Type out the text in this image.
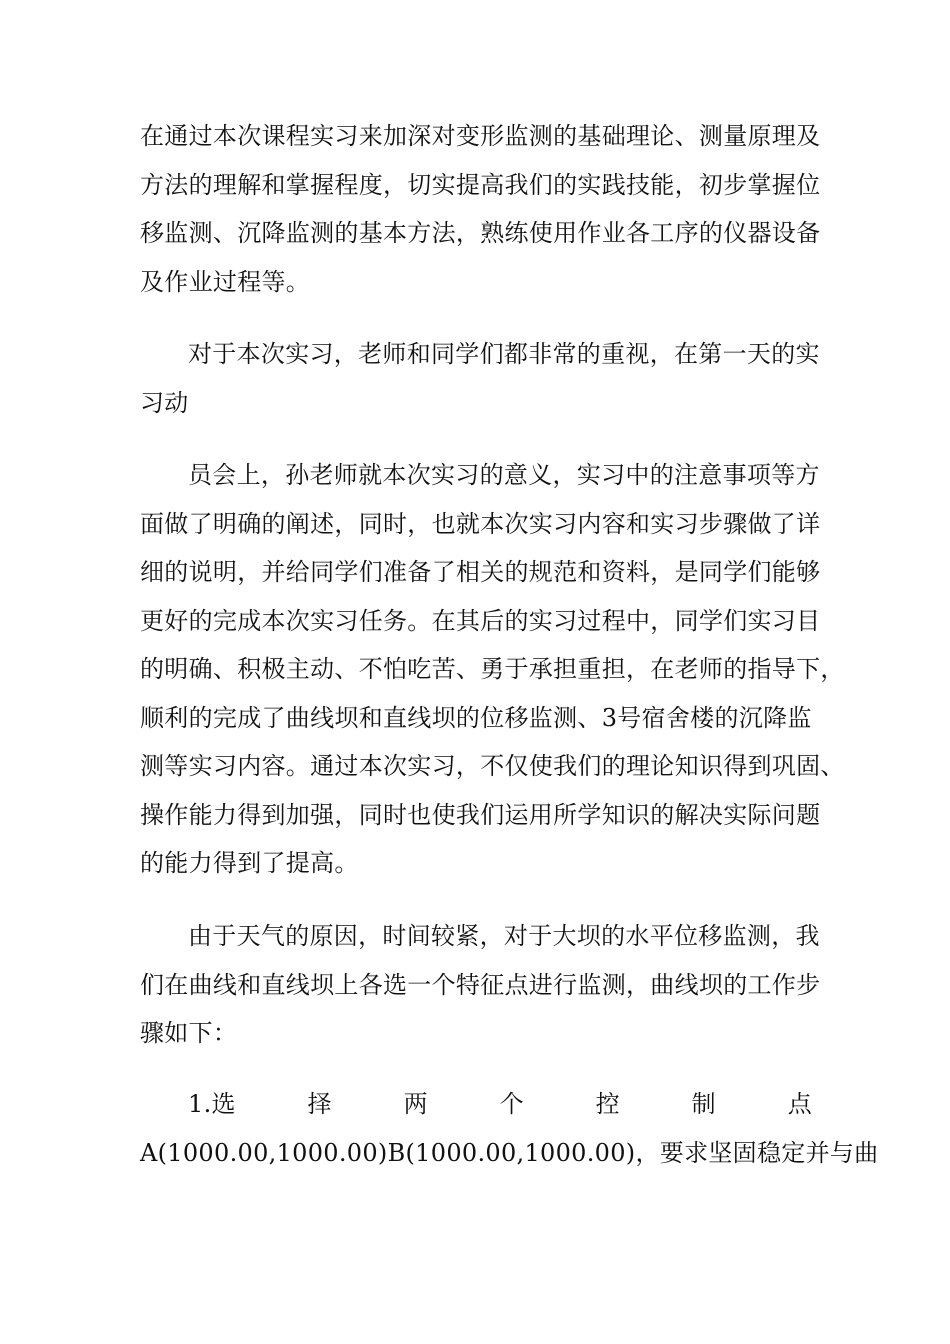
在通过本次课程实习来加深对变形监测的基础理论、测量原理及
方法的理解和掌握程度，切实提高我们的实践技能，初步掌握位
移监测、沉降监测的基本方法，熟练使用作业各工序的仪器设备
及作业过程等。
对于本次实习，老师和同学们都非常的重视，在第一天的实
习动
员会上，孙老师就本次实习的意义，实习中的注意事项等方
面做了明确的阐述，同时，也就本次实习内容和实习步骤做了详
细的说明，并给同学们准备了相关的规范和资料，是同学们能够
更好的完成本次实习任务。在其后的实习过程中，同学们实习目
的明确、积极主动、不怕吃苦、勇于承担重担，在老师的指导下，
顺利的完成了曲线坝和直线坝的位移监测、3号宿舍楼的沉降监
测等实习内容。通过本次实习，不仅使我们的理论知识得到巩固、
操作能力得到加强，同时也使我们运用所学知识的解决实际问题
的能力得到了提高。
由于天气的原因，时间较紧，对于大坝的水平位移监测，我
们在曲线和直线坝上各选一个特征点进行监测，曲线坝的工作步
骤如下：
1.选	择	两	个	控	制	点
A(1000.00,1000.00)B(1000.00,1000.00)，要求坚固稳定并与曲
